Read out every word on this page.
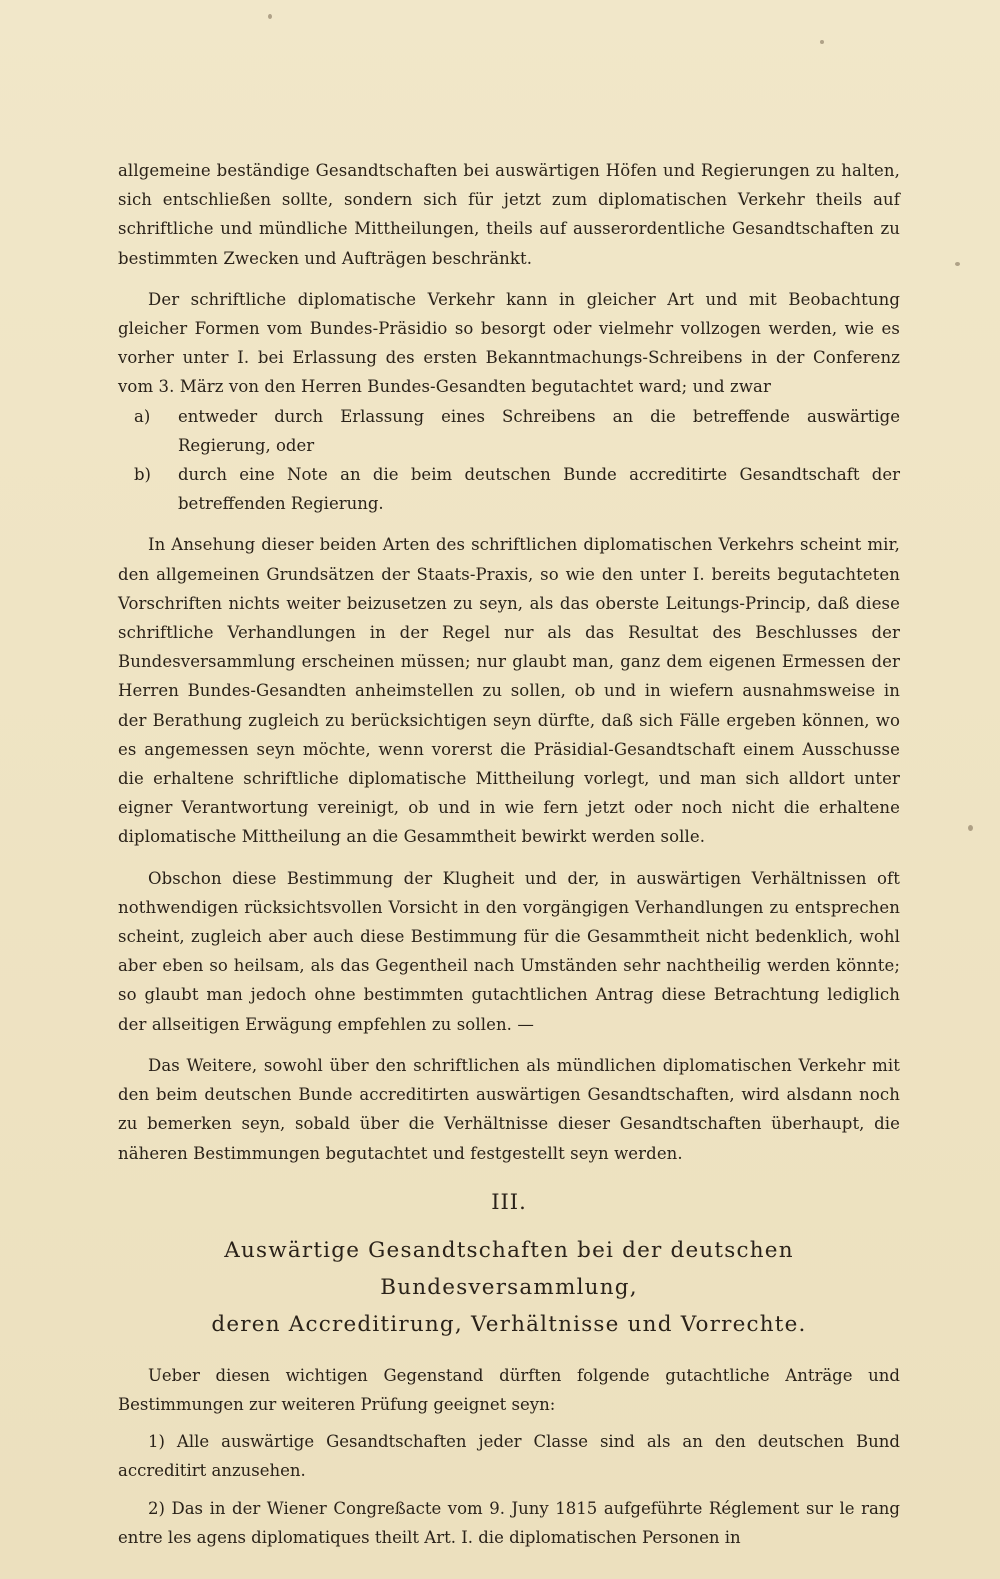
allgemeine beständige Gesandtschaften bei auswärtigen Höfen und Regierungen zu halten, sich entschließen sollte, sondern sich für jetzt zum diplomatischen Verkehr theils auf schriftliche und mündliche Mittheilungen, theils auf ausserordentliche Gesandtschaften zu bestimmten Zwecken und Aufträgen beschränkt.

Der schriftliche diplomatische Verkehr kann in gleicher Art und mit Beobachtung gleicher Formen vom Bundes-Präsidio so besorgt oder vielmehr vollzogen werden, wie es vorher unter I. bei Erlassung des ersten Bekanntmachungs-Schreibens in der Conferenz vom 3. März von den Herren Bundes-Gesandten begutachtet ward; und zwar

a)	entweder durch Erlassung eines Schreibens an die betreffende auswärtige Regierung, oder
b)	durch eine Note an die beim deutschen Bunde accreditirte Gesandtschaft der betreffenden Regierung.

In Ansehung dieser beiden Arten des schriftlichen diplomatischen Verkehrs scheint mir, den allgemeinen Grundsätzen der Staats-Praxis, so wie den unter I. bereits begutachteten Vorschriften nichts weiter beizusetzen zu seyn, als das oberste Leitungs-Princip, daß diese schriftliche Verhandlungen in der Regel nur als das Resultat des Beschlusses der Bundesversammlung erscheinen müssen; nur glaubt man, ganz dem eigenen Ermessen der Herren Bundes-Gesandten anheimstellen zu sollen, ob und in wiefern ausnahmsweise in der Berathung zugleich zu berücksichtigen seyn dürfte, daß sich Fälle ergeben können, wo es angemessen seyn möchte, wenn vorerst die Präsidial-Gesandtschaft einem Ausschusse die erhaltene schriftliche diplomatische Mittheilung vorlegt, und man sich alldort unter eigner Verantwortung vereinigt, ob und in wie fern jetzt oder noch nicht die erhaltene diplomatische Mittheilung an die Gesammtheit bewirkt werden solle.

Obschon diese Bestimmung der Klugheit und der, in auswärtigen Verhältnissen oft nothwendigen rücksichtsvollen Vorsicht in den vorgängigen Verhandlungen zu entsprechen scheint, zugleich aber auch diese Bestimmung für die Gesammtheit nicht bedenklich, wohl aber eben so heilsam, als das Gegentheil nach Umständen sehr nachtheilig werden könnte; so glaubt man jedoch ohne bestimmten gutachtlichen Antrag diese Betrachtung lediglich der allseitigen Erwägung empfehlen zu sollen. —

Das Weitere, sowohl über den schriftlichen als mündlichen diplomatischen Verkehr mit den beim deutschen Bunde accreditirten auswärtigen Gesandtschaften, wird alsdann noch zu bemerken seyn, sobald über die Verhältnisse dieser Gesandtschaften überhaupt, die näheren Bestimmungen begutachtet und festgestellt seyn werden.

III.
Auswärtige Gesandtschaften bei der deutschen Bundesversammlung,
deren Accreditirung, Verhältnisse und Vorrechte.

Ueber diesen wichtigen Gegenstand dürften folgende gutachtliche Anträge und Bestimmungen zur weiteren Prüfung geeignet seyn:

1) Alle auswärtige Gesandtschaften jeder Classe sind als an den deutschen Bund accreditirt anzusehen.

2) Das in der Wiener Congreßacte vom 9. Juny 1815 aufgeführte Réglement sur le rang entre les agens diplomatiques theilt Art. I. die diplomatischen Personen in
